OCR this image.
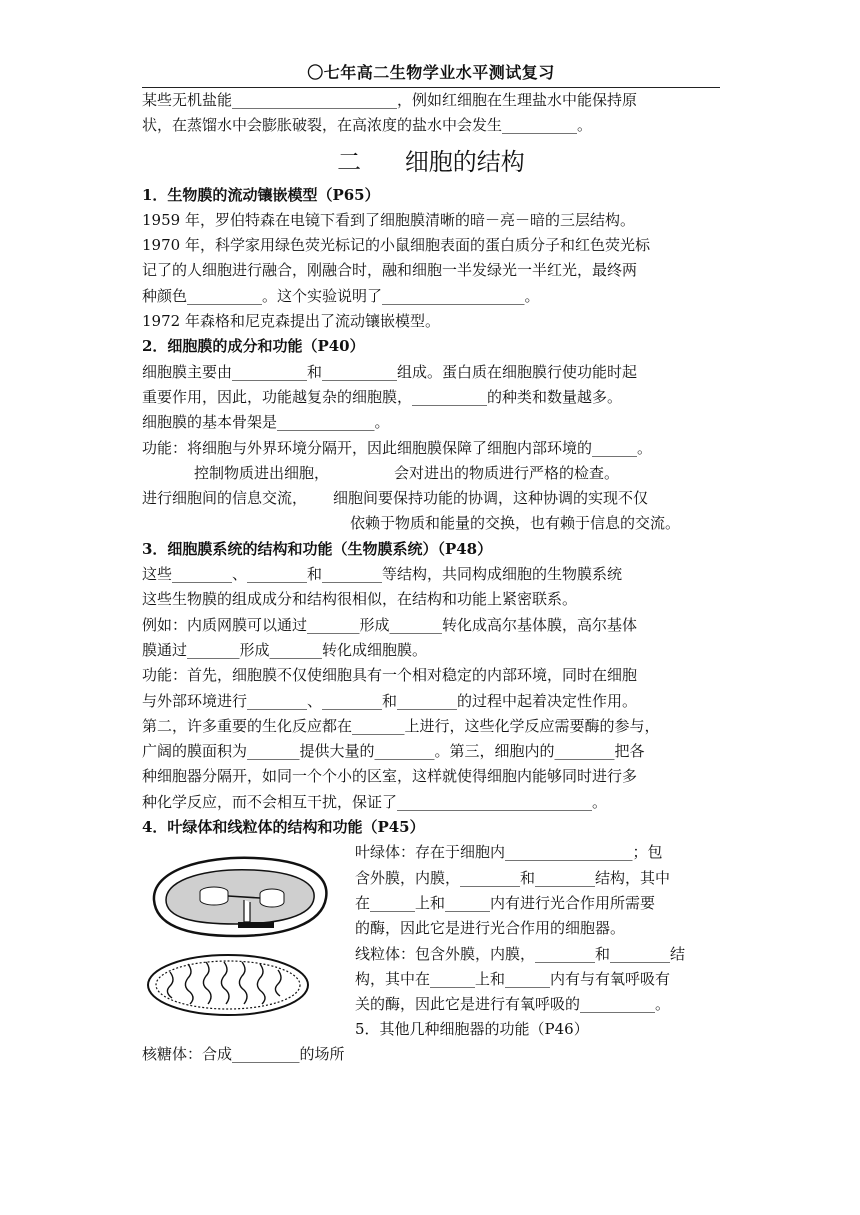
〇七年高二生物学业水平测试复习
某些无机盐能______________________，例如红细胞在生理盐水中能保持原
状，在蒸馏水中会膨胀破裂，在高浓度的盐水中会发生__________。
二 细胞的结构
1．生物膜的流动镶嵌模型（P65）
1959 年，罗伯特森在电镜下看到了细胞膜清晰的暗－亮－暗的三层结构。
1970 年，科学家用绿色荧光标记的小鼠细胞表面的蛋白质分子和红色荧光标
记了的人细胞进行融合，刚融合时，融和细胞一半发绿光一半红光，最终两
种颜色__________。这个实验说明了___________________。
1972 年森格和尼克森提出了流动镶嵌模型。
2．细胞膜的成分和功能（P40）
细胞膜主要由__________和__________组成。蛋白质在细胞膜行使功能时起
重要作用，因此，功能越复杂的细胞膜，__________的种类和数量越多。
细胞膜的基本骨架是_____________。
功能：将细胞与外界环境分隔开，因此细胞膜保障了细胞内部环境的______。
控制物质进出细胞，	会对进出的物质进行严格的检查。
进行细胞间的信息交流， 细胞间要保持功能的协调，这种协调的实现不仅
依赖于物质和能量的交换，也有赖于信息的交流。
3．细胞膜系统的结构和功能（生物膜系统）（P48）
这些________、________和________等结构，共同构成细胞的生物膜系统
这些生物膜的组成成分和结构很相似，在结构和功能上紧密联系。
例如：内质网膜可以通过_______形成_______转化成高尔基体膜，高尔基体
膜通过_______形成_______转化成细胞膜。
功能：首先，细胞膜不仅使细胞具有一个相对稳定的内部环境，同时在细胞
与外部环境进行________、________和________的过程中起着决定性作用。
第二，许多重要的生化反应都在_______上进行，这些化学反应需要酶的参与，
广阔的膜面积为_______提供大量的________。第三，细胞内的________把各
种细胞器分隔开，如同一个个小的区室，这样就使得细胞内能够同时进行多
种化学反应，而不会相互干扰，保证了__________________________。
4．叶绿体和线粒体的结构和功能（P45）
叶绿体：存在于细胞内_________________；包
含外膜，内膜，________和________结构，其中
在______上和______内有进行光合作用所需要
的酶，因此它是进行光合作用的细胞器。
线粒体：包含外膜，内膜，________和________结
构，其中在______上和______内有与有氧呼吸有
关的酶，因此它是进行有氧呼吸的__________。
5．其他几种细胞器的功能（P46）
核糖体：合成_________的场所
